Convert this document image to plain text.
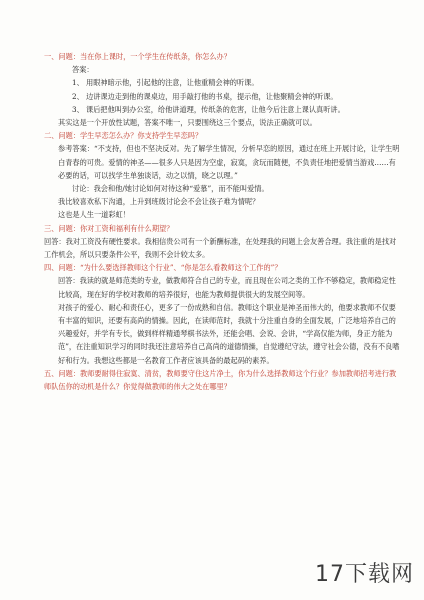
一、问题：当在你上课时，一个学生在传纸条，你怎么办？

答案：

1、 用眼神暗示他，引起他的注意，让他重精会神的听课。

2、 边讲课边走到他的课桌边，用手敲打他的书桌，提示他，让他聚精会神的听课。

3、 课后把他叫到办公室，给他讲道理，传纸条的危害，让他今后注意上课认真听讲。

其实这是一个开放性试题，答案不唯一，只要围绕这三个要点，说法正确就可以。

二、问题：学生早恋怎么办？你支持学生早恋吗？

参考答案：“不支持，但也不坚决反对。先了解学生情况，分析早恋的原因，通过在班上开展讨论，让学生明白青春的可贵。爱情的神圣——很多人只是因为空虚，寂寞，贪玩而随便，不负责任地把爱情当游戏……有必要的话，可以找学生单独谈话，动之以情，晓之以理。”

讨论：我会和他/她讨论如何对待这种“爱慕”，而不能叫爱情。

我比较喜欢私下沟通，上升到班级讨论会不会让孩子难为情呢？

这也是人生一道彩虹！

三、问题：你对工资和福利有什么期望？

回答：我对工资没有硬性要求。我相信贵公司有一个新酬标准，在处理我的问题上会友善合理。我注重的是找对工作机会，所以只要条件公平，我则不会计较太多。

四、问题：“为什么要选择教师这个行业”、“你是怎么看教师这个工作的”？

回答：我读的就是师范类的专业，做教师符合自己的专业，而且现在公司之类的工作不够稳定，教师稳定性比较高，现在好的学校对教师的培养很好，也能为教师提供很大的发展空间等。

对孩子的爱心、耐心和责任心，更多了一份成熟和自信。教师这个职业是神圣而伟大的，他要求教师不仅要有丰富的知识，还要有高尚的情操。因此，在读师范时，我就十分注重自身的全面发展，广泛地培养自己的兴趣爱好，并学有专长，做到样样精通琴棋书法外，还能会唱、会说、会讲，“学高仅能为师，身正方能为范”，在注重知识学习的同时我还注意培养自己高尚的道德情操，自觉遵纪守法，遵守社会公德，没有不良嗜好和行为。我想这些都是一名教育工作者应该具备的最起码的素养。

五、问题：教师要耐得住寂寞、清贫，教师要守住这片净土，你为什么选择教师这个行业？参加教师招考进行教师队伍你的动机是什么？你觉得做教师的伟大之处在哪里？

17下载网
